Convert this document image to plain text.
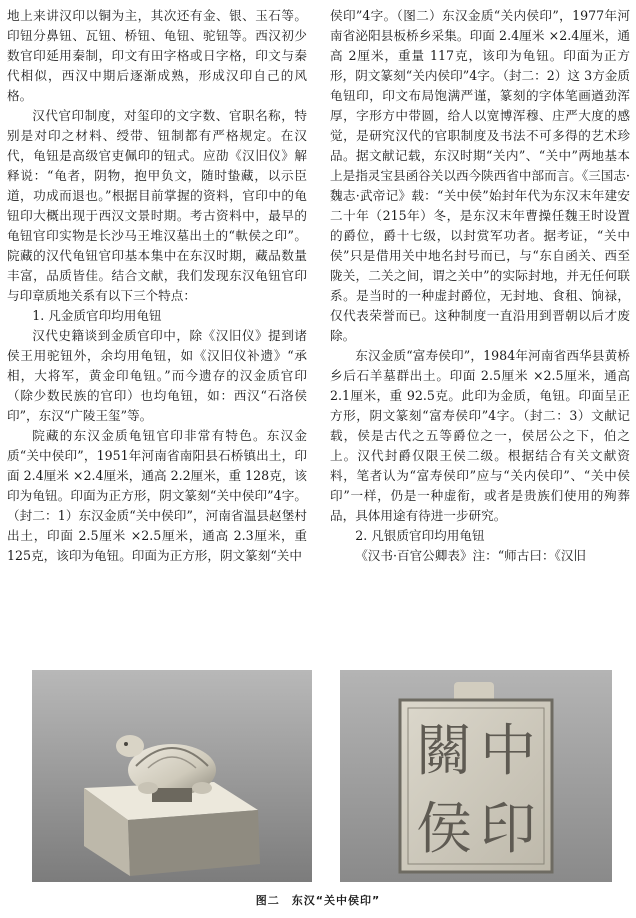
地上来讲汉印以铜为主，其次还有金、银、玉石等。印钮分鼻钮、瓦钮、桥钮、龟钮、驼钮等。西汉初少数官印延用秦制，印文有田字格或日字格，印文与秦代相似，西汉中期后逐渐成熟，形成汉印自己的风格。

汉代官印制度，对玺印的文字数、官职名称，特别是对印之材料、绶带、钮制都有严格规定。在汉代，龟钮是高级官吏佩印的钮式。应劭《汉旧仪》解释说：“龟者，阴物，抱甲负文，随时蛰藏，以示臣道，功成而退也。”根据目前掌握的资料，官印中的龟钮印大概出现于西汉文景时期。考古资料中，最早的龟钮官印实物是长沙马王堆汉墓出土的“軑侯之印”。院藏的汉代龟钮官印基本集中在东汉时期，藏品数量丰富，品质皆佳。结合文献，我们发现东汉龟钮官印与印章质地关系有以下三个特点：

1. 凡金质官印均用龟钮

汉代史籍谈到金质官印中，除《汉旧仪》提到诸侯王用驼钮外，余均用龟钮，如《汉旧仪补遗》“承相，大将军，黄金印龟钮。”而今遗存的汉金质官印（除少数民族的官印）也均龟钮，如：西汉“石洛侯印”，东汉“广陵王玺”等。

院藏的东汉金质龟钮官印非常有特色。东汉金质“关中侯印”，1951年河南省南阳县石桥镇出土，印面 2.4厘米 ×2.4厘米，通高 2.2厘米，重 128克，该印为龟钮。印面为正方形，阴文篆刻“关中侯印”4字。（封二：1）东汉金质“关中侯印”，河南省温县赵堡村出土，印面 2.5厘米 ×2.5厘米，通高 2.3厘米，重 125克，该印为龟钮。印面为正方形，阴文篆刻“关中

侯印”4字。（图二）东汉金质“关内侯印”，1977年河南省泌阳县板桥乡采集。印面 2.4厘米 ×2.4厘米，通高 2厘米，重量 117克，该印为龟钮。印面为正方形，阴文篆刻“关内侯印”4字。（封二：2）这 3方金质龟钮印，印文布局饱满严谨，篆刻的字体笔画遒劲浑厚，字形方中带圆，给人以宽博浑穆、庄严大度的感觉，是研究汉代的官职制度及书法不可多得的艺术珍品。据文献记载，东汉时期“关内”、“关中”两地基本上是指灵宝县函谷关以西今陕西省中部而言。《三国志·魏志·武帝记》载：“关中侯”始封年代为东汉末年建安二十年（215年）冬，是东汉末年曹操任魏王时设置的爵位，爵十七级，以封赏军功者。据考证，“关中侯”只是借用关中地名封号而已，与“东自函关、西至陇关，二关之间，谓之关中”的实际封地，并无任何联系。是当时的一种虚封爵位，无封地、食租、饷禄，仅代表荣誉而已。这种制度一直沿用到晋朝以后才废除。

东汉金质“富寿侯印”，1984年河南省西华县黄桥乡后石羊墓群出土。印面 2.5厘米 ×2.5厘米，通高 2.1厘米，重 92.5克。此印为金质，龟钮。印面呈正方形，阴文篆刻“富寿侯印”4字。（封二：3）文献记载，侯是古代之五等爵位之一，侯居公之下，伯之上。汉代封爵仅限王侯二级。根据结合有关文献资料，笔者认为“富寿侯印”应与“关内侯印”、“关中侯印”一样，仍是一种虚衔，或者是贵族们使用的殉葬品，具体用途有待进一步研究。

2. 凡银质官印均用龟钮

《汉书·百官公卿表》注：“师古曰：《汉旧

中
關
印
侯
图二　东汉“关中侯印”
